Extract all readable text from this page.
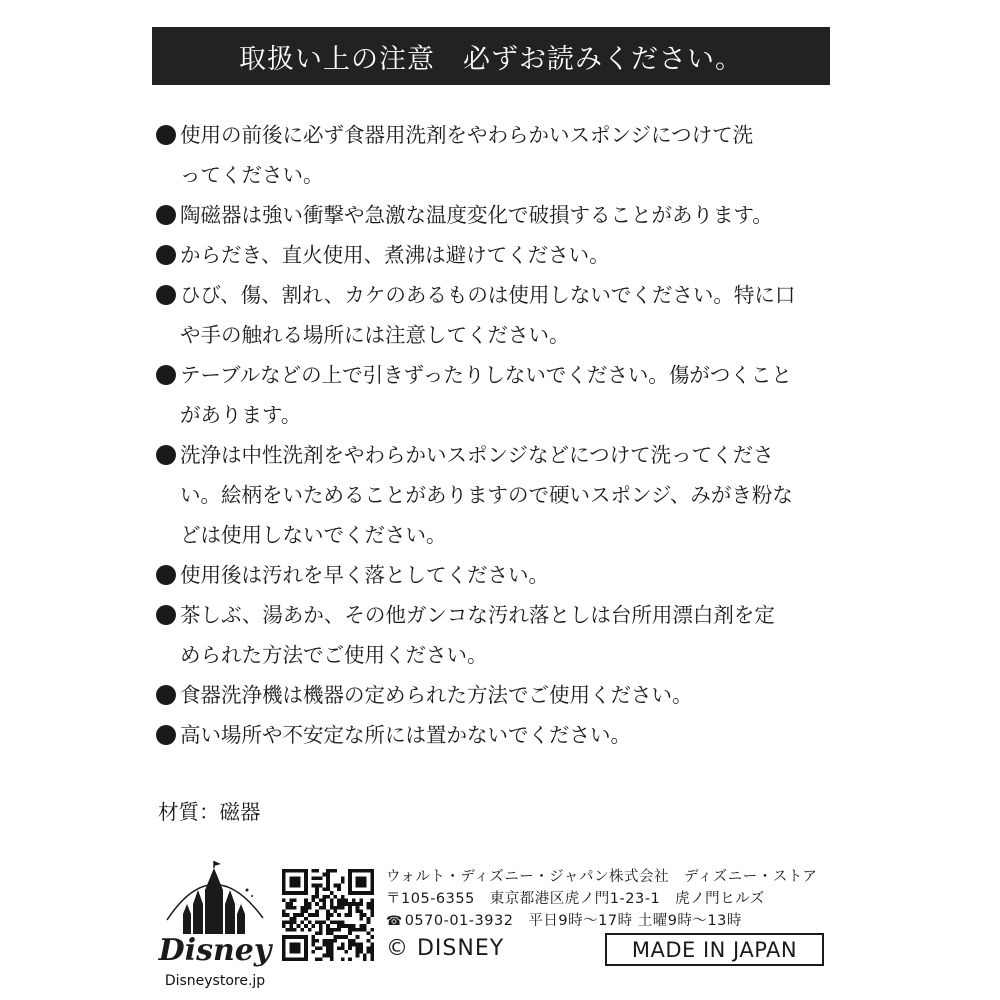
取扱い上の注意　必ずお読みください。
使用の前後に必ず食器用洗剤をやわらかいスポンジにつけて洗
ってください。
陶磁器は強い衝撃や急激な温度変化で破損することがあります。
からだき、直火使用、煮沸は避けてください。
ひび、傷、割れ、カケのあるものは使用しないでください。特に口
や手の触れる場所には注意してください。
テーブルなどの上で引きずったりしないでください。傷がつくこと
があります。
洗浄は中性洗剤をやわらかいスポンジなどにつけて洗ってくださ
い。絵柄をいためることがありますので硬いスポンジ、みがき粉な
どは使用しないでください。
使用後は汚れを早く落としてください。
茶しぶ、湯あか、その他ガンコな汚れ落としは台所用漂白剤を定
められた方法でご使用ください。
食器洗浄機は機器の定められた方法でご使用ください。
高い場所や不安定な所には置かないでください。
材質：磁器
Disney
Disneystore.jp
ウォルト・ディズニー・ジャパン株式会社　ディズニー・ストア
〒105-6355　東京都港区虎ノ門1-23-1　虎ノ門ヒルズ
☎ 0570-01-3932　平日9時〜17時 土曜9時〜13時
© DISNEY	MADE IN JAPAN
